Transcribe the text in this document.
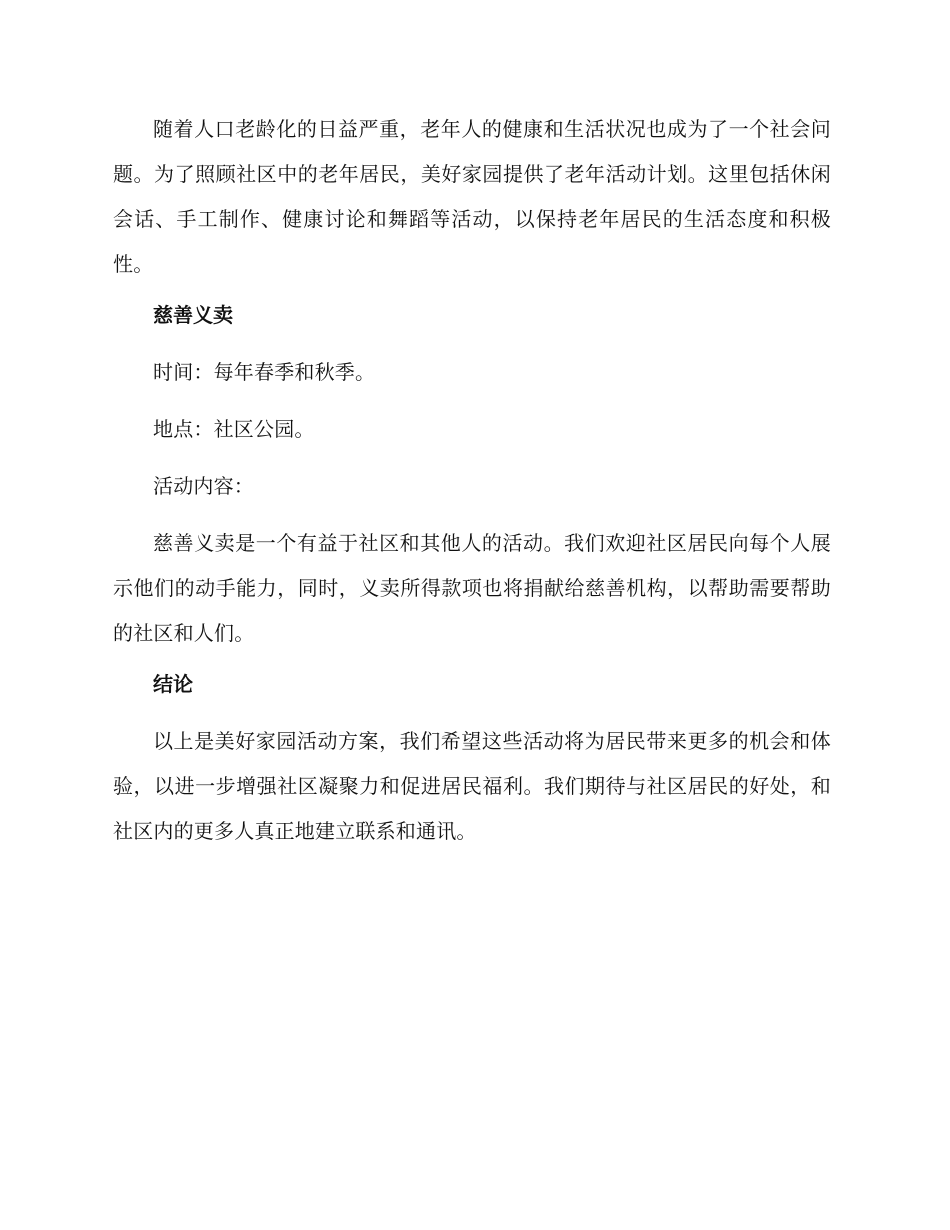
随着人口老龄化的日益严重，老年人的健康和生活状况也成为了一个社会问题。为了照顾社区中的老年居民，美好家园提供了老年活动计划。这里包括休闲会话、手工制作、健康讨论和舞蹈等活动，以保持老年居民的生活态度和积极性。

慈善义卖

时间：每年春季和秋季。

地点：社区公园。

活动内容：

慈善义卖是一个有益于社区和其他人的活动。我们欢迎社区居民向每个人展示他们的动手能力，同时，义卖所得款项也将捐献给慈善机构，以帮助需要帮助的社区和人们。

结论

以上是美好家园活动方案，我们希望这些活动将为居民带来更多的机会和体验，以进一步增强社区凝聚力和促进居民福利。我们期待与社区居民的好处，和社区内的更多人真正地建立联系和通讯。
